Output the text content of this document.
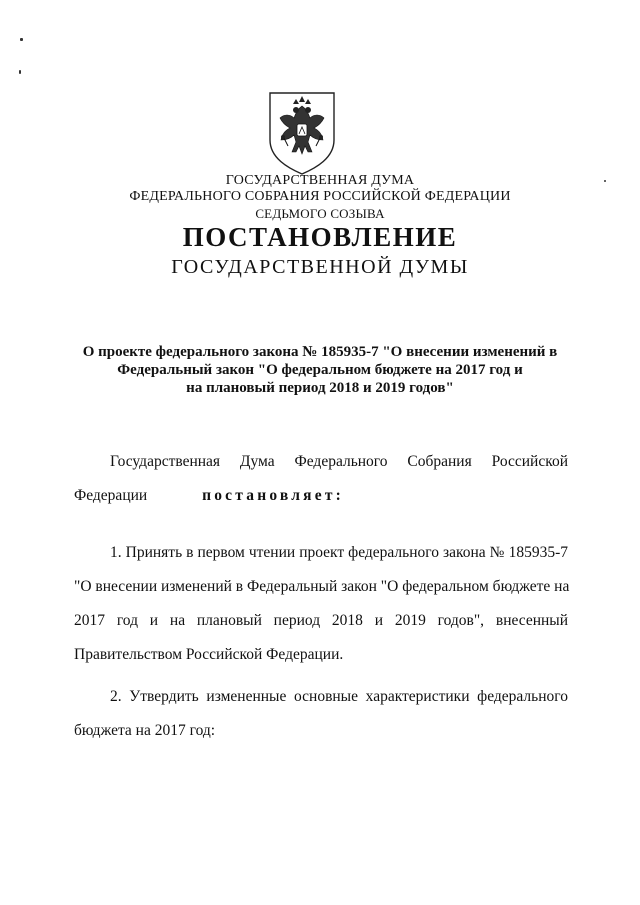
ГОСУДАРСТВЕННАЯ ДУМА
ФЕДЕРАЛЬНОГО СОБРАНИЯ РОССИЙСКОЙ ФЕДЕРАЦИИ
СЕДЬМОГО СОЗЫВА
ПОСТАНОВЛЕНИЕ
ГОСУДАРСТВЕННОЙ ДУМЫ
О проекте федерального закона № 185935-7 "О внесении изменений в
Федеральный закон "О федеральном бюджете на 2017 год и
на плановый период 2018 и 2019 годов"
Государственная Дума Федерального Собрания Российской
Федерации	постановляет:
1. Принять в первом чтении проект федерального закона № 185935-7
"О внесении изменений в Федеральный закон "О федеральном бюджете на
2017 год и на плановый период 2018 и 2019 годов", внесенный
Правительством Российской Федерации.
2. Утвердить измененные основные характеристики федерального
бюджета на 2017 год:
